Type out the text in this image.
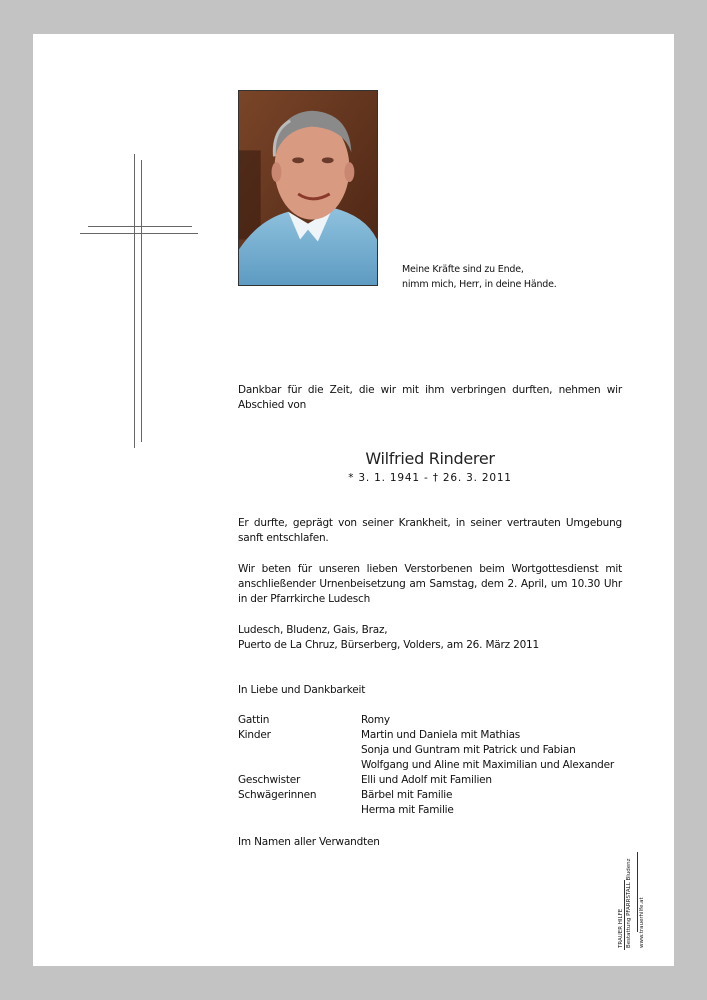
Meine Kräfte sind zu Ende,
nimm mich, Herr, in deine Hände.
Dankbar für die Zeit, die wir mit ihm verbringen durften, nehmen wir Abschied von
Wilfried Rinderer
* 3. 1. 1941 - † 26. 3. 2011
Er durfte, geprägt von seiner Krankheit, in seiner vertrauten Umgebung sanft entschlafen.
Wir beten für unseren lieben Verstorbenen beim Wortgottesdienst mit anschließender Urnenbeisetzung am Samstag, dem 2. April, um 10.30 Uhr in der Pfarrkirche Ludesch
Ludesch, Bludenz, Gais, Braz,
Puerto de La Chruz, Bürserberg, Volders, am 26. März 2011
In Liebe und Dankbarkeit
Gattin	Romy
Kinder	Martin und Daniela mit Mathias
Sonja und Guntram mit Patrick und Fabian
Wolfgang und Aline mit Maximilian und Alexander
Geschwister	Elli und Adolf mit Familien
Schwägerinnen	Bärbel mit Familie
Herma mit Familie
Im Namen aller Verwandten
TRAUER HILFE Bestattung PFARRSTALL Bludenz www.trauerhilfe.at
